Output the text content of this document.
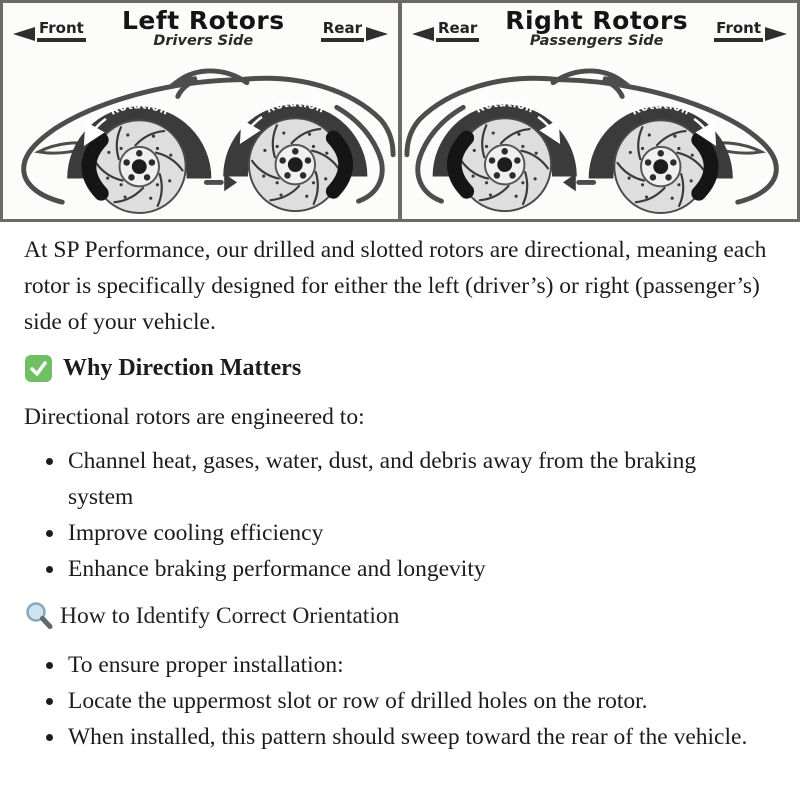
Front Left Rotors
Drivers Side
Rear
Rotation	Rotation
Rear Right Rotors
Passengers Side
Front
Rotation	Rotation

At SP Performance, our drilled and slotted rotors are directional, meaning each rotor is specifically designed for either the left (driver’s) or right (passenger’s) side of your vehicle.

Why Direction Matters

Directional rotors are engineered to:

• Channel heat, gases, water, dust, and debris away from the braking system
• Improve cooling efficiency
• Enhance braking performance and longevity
How to Identify Correct Orientation
• To ensure proper installation:
• Locate the uppermost slot or row of drilled holes on the rotor.
• When installed, this pattern should sweep toward the rear of the vehicle.
